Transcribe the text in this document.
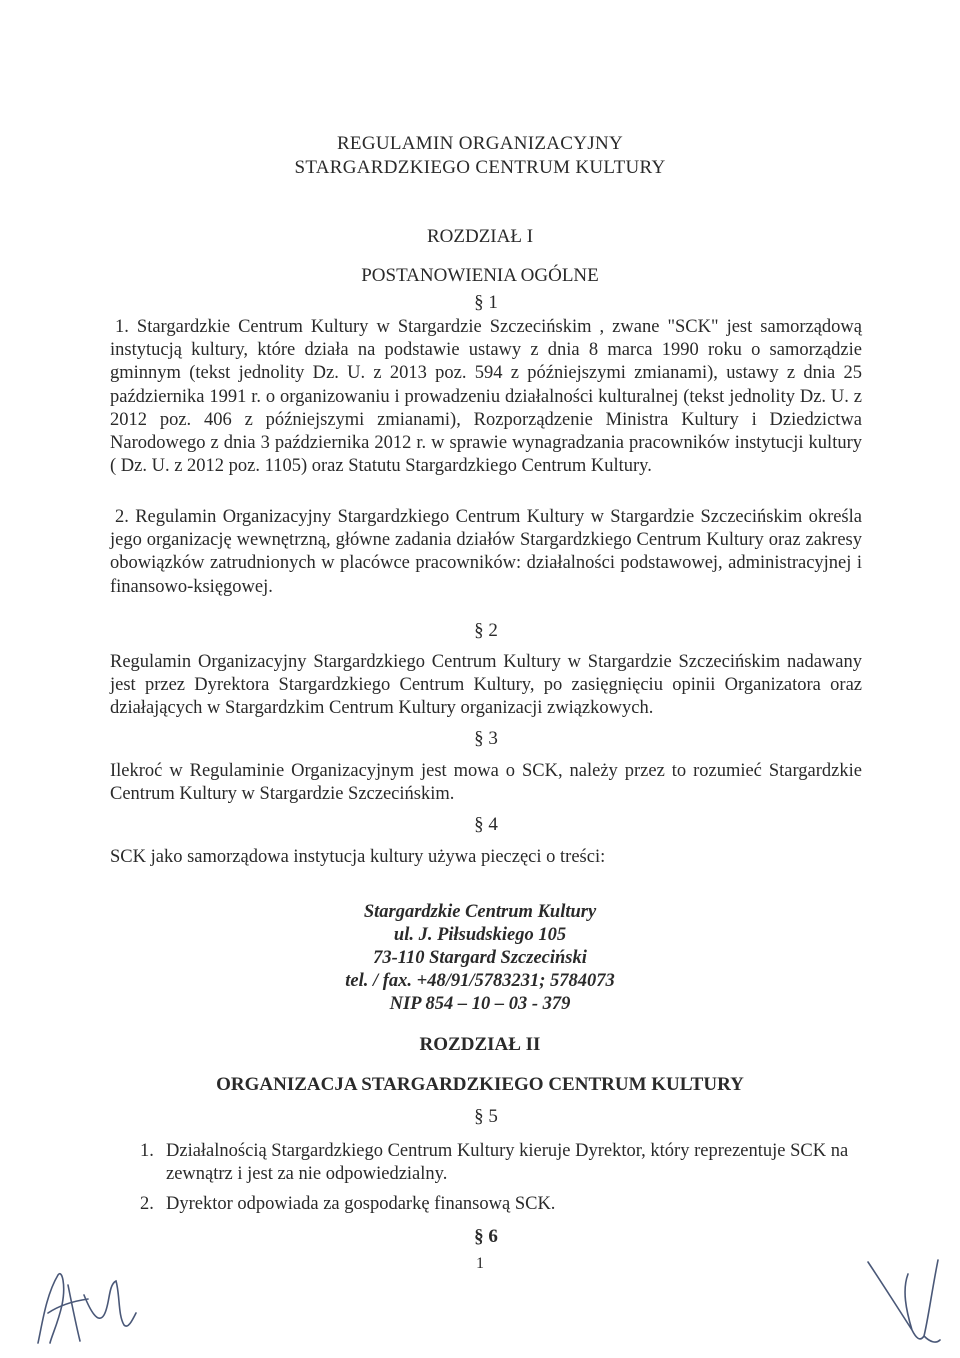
REGULAMIN ORGANIZACYJNY
STARGARDZKIEGO CENTRUM KULTURY
ROZDZIAŁ I
POSTANOWIENIA OGÓLNE
§ 1

1. Stargardzkie Centrum Kultury w Stargardzie Szczecińskim , zwane "SCK" jest samorządową instytucją kultury, które działa na podstawie ustawy z dnia 8 marca 1990 roku o samorządzie gminnym (tekst jednolity Dz. U. z 2013 poz. 594 z późniejszymi zmianami), ustawy z dnia 25 października 1991 r. o organizowaniu i prowadzeniu działalności kulturalnej (tekst jednolity Dz. U. z 2012 poz. 406 z późniejszymi zmianami), Rozporządzenie Ministra Kultury i Dziedzictwa Narodowego z dnia 3 października 2012 r. w sprawie wynagradzania pracowników instytucji kultury ( Dz. U. z 2012 poz. 1105) oraz Statutu Stargardzkiego Centrum Kultury.

2. Regulamin Organizacyjny Stargardzkiego Centrum Kultury w Stargardzie Szczecińskim określa jego organizację wewnętrzną, główne zadania działów Stargardzkiego Centrum Kultury oraz zakresy obowiązków zatrudnionych w placówce pracowników: działalności podstawowej, administracyjnej i finansowo-księgowej.

§ 2

Regulamin Organizacyjny Stargardzkiego Centrum Kultury w Stargardzie Szczecińskim nadawany jest przez Dyrektora Stargardzkiego Centrum Kultury, po zasięgnięciu opinii Organizatora oraz działających w Stargardzkim Centrum Kultury organizacji związkowych.

§ 3

Ilekroć w Regulaminie Organizacyjnym jest mowa o SCK, należy przez to rozumieć Stargardzkie Centrum Kultury w Stargardzie Szczecińskim.

§ 4

SCK jako samorządowa instytucja kultury używa pieczęci o treści:

Stargardzkie Centrum Kultury
ul. J. Piłsudskiego 105
73-110 Stargard Szczeciński
tel. / fax. +48/91/5783231; 5784073
NIP 854 – 10 – 03 - 379
ROZDZIAŁ II
ORGANIZACJA STARGARDZKIEGO CENTRUM KULTURY
§ 5
1. Działalnością Stargardzkiego Centrum Kultury kieruje Dyrektor, który reprezentuje SCK na zewnątrz i jest za nie odpowiedzialny.
2. Dyrektor odpowiada za gospodarkę finansową SCK.
§ 6
1
